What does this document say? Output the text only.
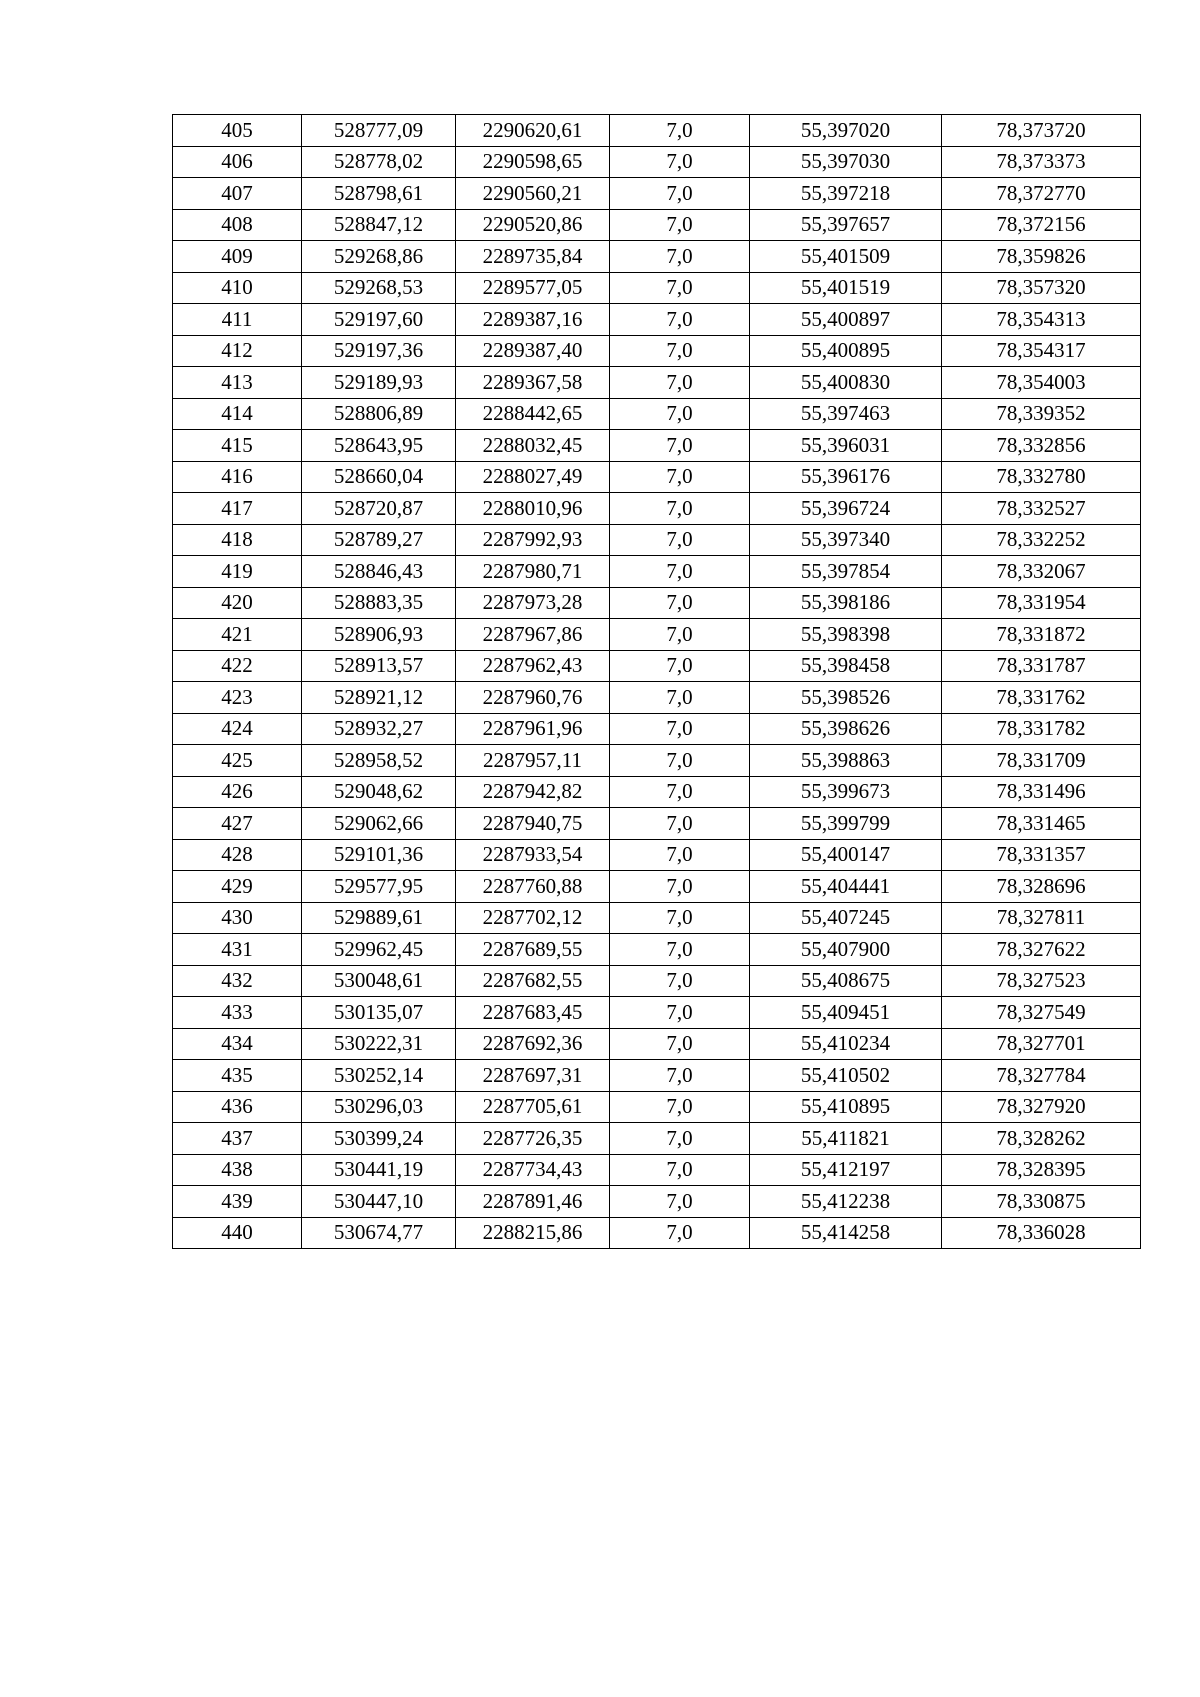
405	528777,09	2290620,61	7,0	55,397020	78,373720
406	528778,02	2290598,65	7,0	55,397030	78,373373
407	528798,61	2290560,21	7,0	55,397218	78,372770
408	528847,12	2290520,86	7,0	55,397657	78,372156
409	529268,86	2289735,84	7,0	55,401509	78,359826
410	529268,53	2289577,05	7,0	55,401519	78,357320
411	529197,60	2289387,16	7,0	55,400897	78,354313
412	529197,36	2289387,40	7,0	55,400895	78,354317
413	529189,93	2289367,58	7,0	55,400830	78,354003
414	528806,89	2288442,65	7,0	55,397463	78,339352
415	528643,95	2288032,45	7,0	55,396031	78,332856
416	528660,04	2288027,49	7,0	55,396176	78,332780
417	528720,87	2288010,96	7,0	55,396724	78,332527
418	528789,27	2287992,93	7,0	55,397340	78,332252
419	528846,43	2287980,71	7,0	55,397854	78,332067
420	528883,35	2287973,28	7,0	55,398186	78,331954
421	528906,93	2287967,86	7,0	55,398398	78,331872
422	528913,57	2287962,43	7,0	55,398458	78,331787
423	528921,12	2287960,76	7,0	55,398526	78,331762
424	528932,27	2287961,96	7,0	55,398626	78,331782
425	528958,52	2287957,11	7,0	55,398863	78,331709
426	529048,62	2287942,82	7,0	55,399673	78,331496
427	529062,66	2287940,75	7,0	55,399799	78,331465
428	529101,36	2287933,54	7,0	55,400147	78,331357
429	529577,95	2287760,88	7,0	55,404441	78,328696
430	529889,61	2287702,12	7,0	55,407245	78,327811
431	529962,45	2287689,55	7,0	55,407900	78,327622
432	530048,61	2287682,55	7,0	55,408675	78,327523
433	530135,07	2287683,45	7,0	55,409451	78,327549
434	530222,31	2287692,36	7,0	55,410234	78,327701
435	530252,14	2287697,31	7,0	55,410502	78,327784
436	530296,03	2287705,61	7,0	55,410895	78,327920
437	530399,24	2287726,35	7,0	55,411821	78,328262
438	530441,19	2287734,43	7,0	55,412197	78,328395
439	530447,10	2287891,46	7,0	55,412238	78,330875
440	530674,77	2288215,86	7,0	55,414258	78,336028
